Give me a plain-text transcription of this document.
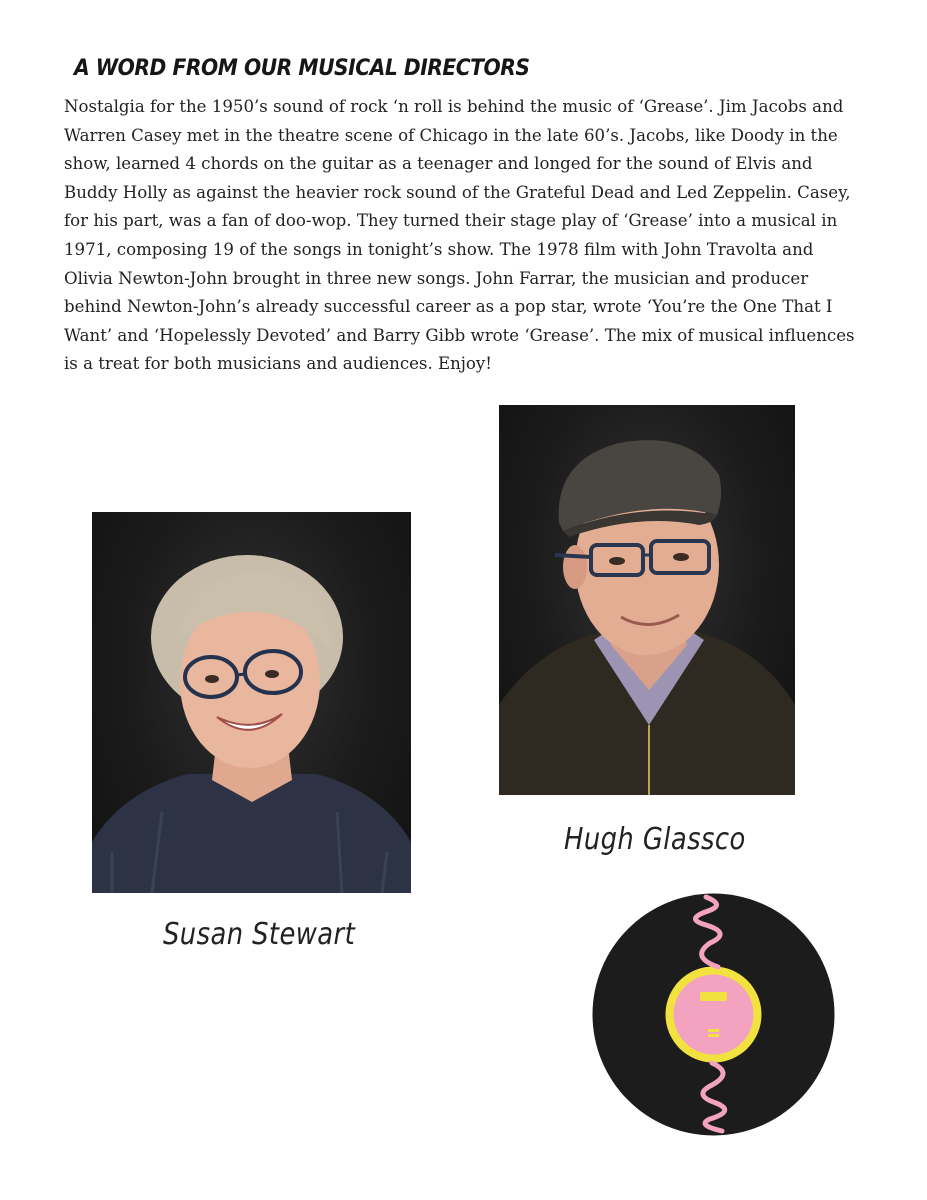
A WORD FROM OUR MUSICAL DIRECTORS
Nostalgia for the 1950’s sound of rock ‘n roll is behind the music of ‘Grease’. Jim Jacobs and Warren Casey met in the theatre scene of Chicago in the late 60’s. Jacobs, like Doody in the show, learned 4 chords on the guitar as a teenager and longed for the sound of Elvis and Buddy Holly as against the heavier rock sound of the Grateful Dead and Led Zeppelin. Casey, for his part, was a fan of doo-wop. They turned their stage play of ‘Grease’ into a musical in 1971, composing 19 of the songs in tonight’s show. The 1978 film with John Travolta and Olivia Newton-John brought in three new songs. John Farrar, the musician and producer behind Newton-John’s already successful career as a pop star, wrote ‘You’re the One That I Want’ and ‘Hopelessly Devoted’ and Barry Gibb wrote ‘Grease’. The mix of musical influences is a treat for both musicians and audiences. Enjoy!
Hugh Glassco
Susan Stewart
